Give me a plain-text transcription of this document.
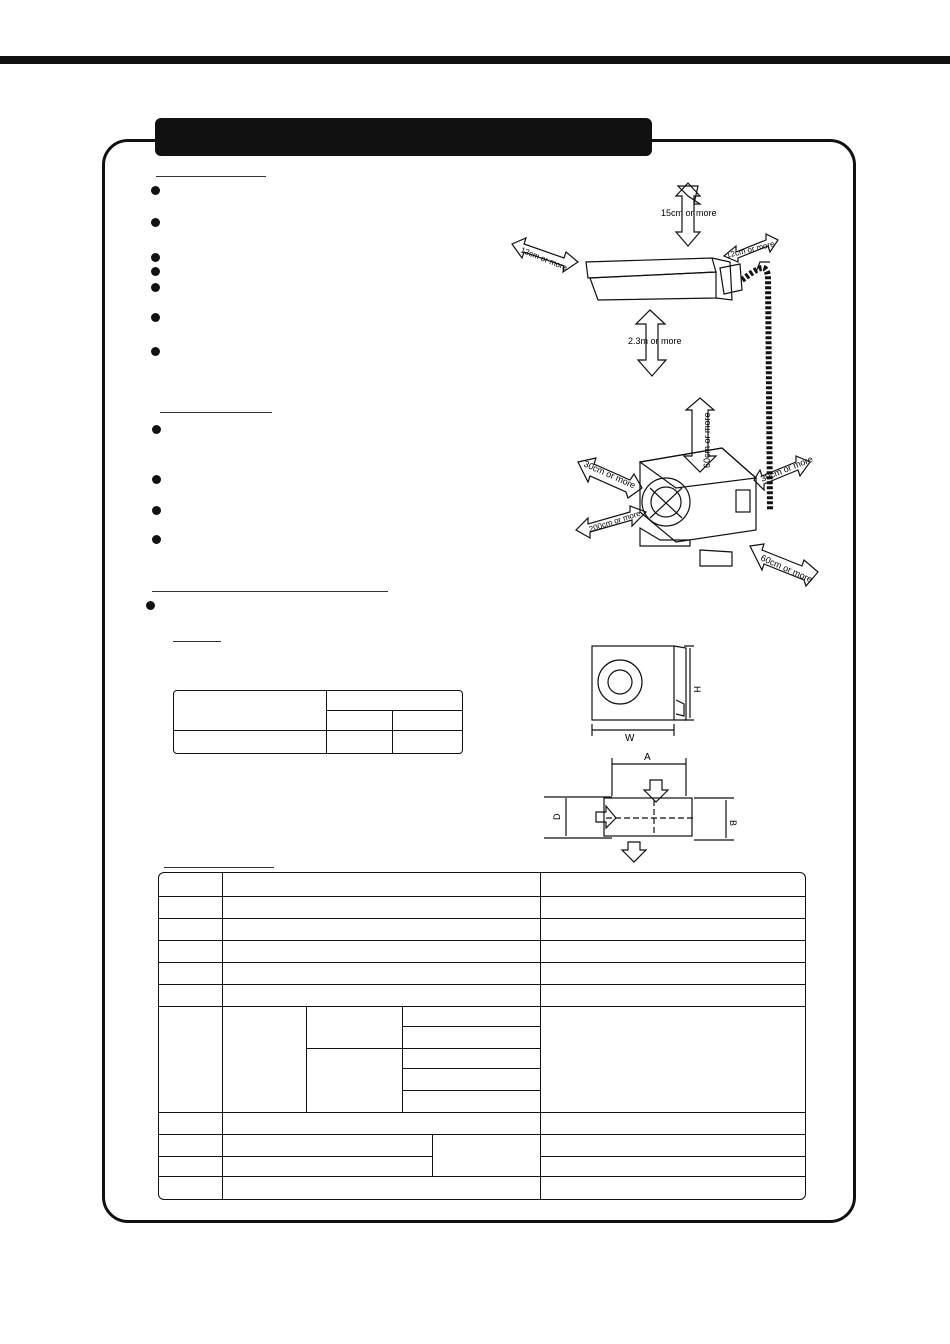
15cm or more
12cm or more	12cm or more
2.3m or more
60cm or more
30cm or more	30cm or more
200cm or more
60cm or more
H
W
A
B
D
